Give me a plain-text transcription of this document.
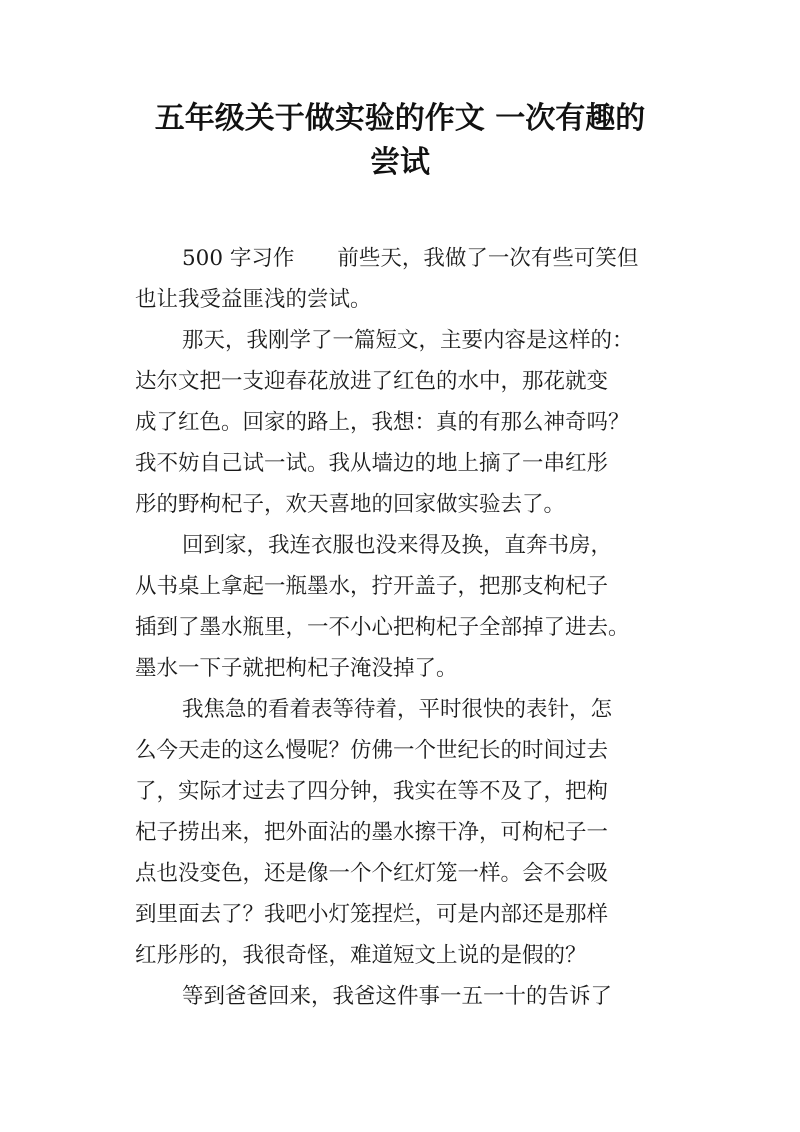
五年级关于做实验的作文 一次有趣的
尝试
500 字习作　　前些天，我做了一次有些可笑但
也让我受益匪浅的尝试。
那天，我刚学了一篇短文，主要内容是这样的：
达尔文把一支迎春花放进了红色的水中，那花就变
成了红色。回家的路上，我想：真的有那么神奇吗？
我不妨自己试一试。我从墙边的地上摘了一串红彤
彤的野枸杞子，欢天喜地的回家做实验去了。
回到家，我连衣服也没来得及换，直奔书房，
从书桌上拿起一瓶墨水，拧开盖子，把那支枸杞子
插到了墨水瓶里，一不小心把枸杞子全部掉了进去。
墨水一下子就把枸杞子淹没掉了。
我焦急的看着表等待着，平时很快的表针，怎
么今天走的这么慢呢？仿佛一个世纪长的时间过去
了，实际才过去了四分钟，我实在等不及了，把枸
杞子捞出来，把外面沾的墨水擦干净，可枸杞子一
点也没变色，还是像一个个红灯笼一样。会不会吸
到里面去了？我吧小灯笼捏烂，可是内部还是那样
红彤彤的，我很奇怪，难道短文上说的是假的？
等到爸爸回来，我爸这件事一五一十的告诉了
